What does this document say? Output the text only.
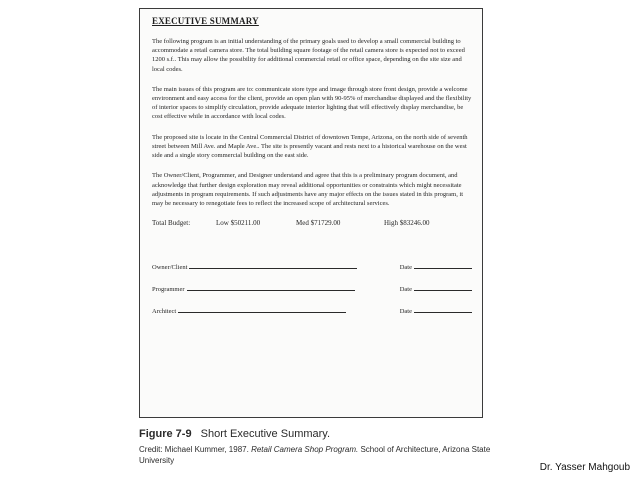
EXECUTIVE SUMMARY

The following program is an initial understanding of the primary goals used to develop a small commercial building to accommodate a retail camera store. The total building square footage of the retail camera store is expected not to exceed 1200 s.f.. This may allow the possibility for additional commercial retail or office space, depending on the site size and local codes.

The main issues of this program are to: communicate store type and image through store front design, provide a welcome environment and easy access for the client, provide an open plan with 90-95% of merchandise displayed and the flexibility of interior spaces to simplify circulation, provide adequate interior lighting that will effectively display merchandise, be cost effective while in accordance with local codes.

The proposed site is locate in the Central Commercial District of downtown Tempe, Arizona, on the north side of seventh street between Mill Ave. and Maple Ave.. The site is presently vacant and rests next to a historical warehouse on the west side and a single story commercial building on the east side.

The Owner/Client, Programmer, and Designer understand and agree that this is a preliminary program document, and acknowledge that further design exploration may reveal additional opportunities or constraints which might necessitate adjustments in program requirements. If such adjustments have any major effects on the issues stated in this program, it may be necessary to renegotiate fees to reflect the increased scope of architectural services.

Total Budget:	Low $50211.00	Med $71729.00	High $83246.00
Owner/Client	Date
Programmer	Date
Architect	Date
Figure 7-9 Short Executive Summary.
Credit: Michael Kummer, 1987. Retail Camera Shop Program. School of Architecture, Arizona State University
Dr. Yasser Mahgoub
